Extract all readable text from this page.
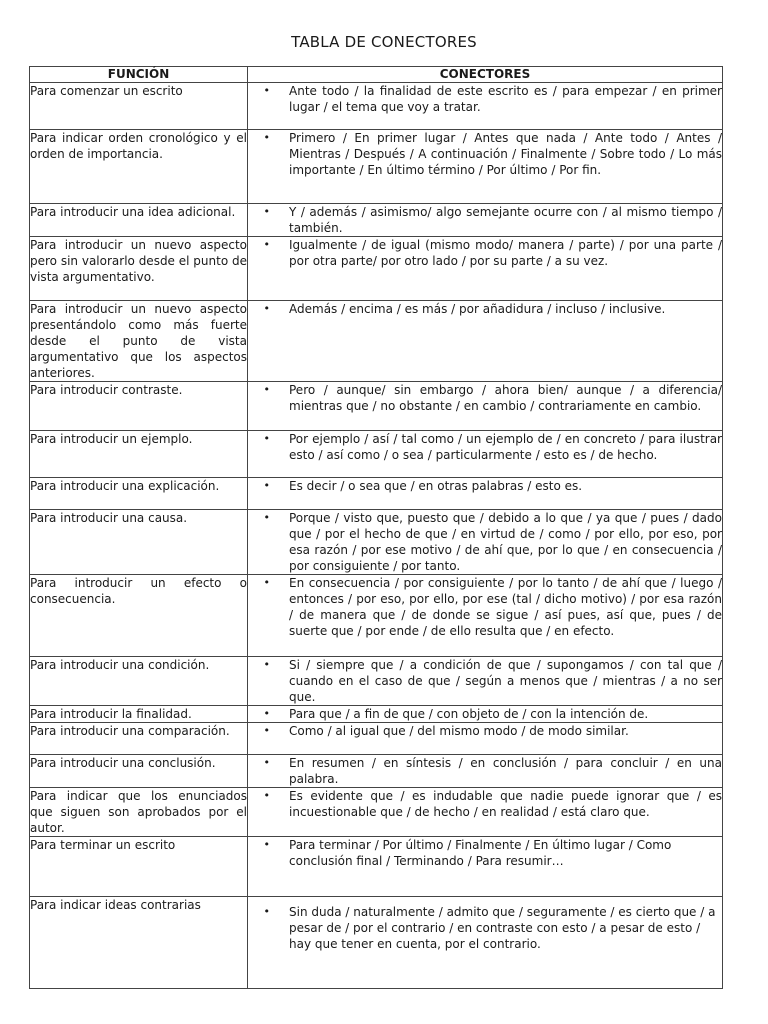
TABLA DE CONECTORES
FUNCIÓN	CONECTORES
Para comenzar un escrito	• Ante todo / la finalidad de este escrito es / para empezar / en primer lugar / el tema que voy a tratar.

Para indicar orden cronológico y el orden de importancia.	• Primero / En primer lugar / Antes que nada / Ante todo / Antes / Mientras / Después / A continuación / Finalmente / Sobre todo / Lo más importante / En último término / Por último / Por fin.

Para introducir una idea adicional.	• Y / además / asimismo/ algo semejante ocurre con / al mismo tiempo / también.

Para introducir un nuevo aspecto pero sin valorarlo desde el punto de vista argumentativo.	• Igualmente / de igual (mismo modo/ manera / parte) / por una parte / por otra parte/ por otro lado / por su parte / a su vez.

Para introducir un nuevo aspecto presentándolo como más fuerte desde el punto de vista argumentativo que los aspectos anteriores.	• Además / encima / es más / por añadidura / incluso / inclusive.

Para introducir contraste.	• Pero / aunque/ sin embargo / ahora bien/ aunque / a diferencia/ mientras que / no obstante / en cambio / contrariamente en cambio.

Para introducir un ejemplo.	• Por ejemplo / así / tal como / un ejemplo de / en concreto / para ilustrar esto / así como / o sea / particularmente / esto es / de hecho.

Para introducir una explicación.	• Es decir / o sea que / en otras palabras / esto es.

Para introducir una causa.	• Porque / visto que, puesto que / debido a lo que / ya que / pues / dado que / por el hecho de que / en virtud de / como / por ello, por eso, por esa razón / por ese motivo / de ahí que, por lo que / en consecuencia / por consiguiente / por tanto.

Para introducir un efecto o consecuencia.	• En consecuencia / por consiguiente / por lo tanto / de ahí que / luego / entonces / por eso, por ello, por ese (tal / dicho motivo) / por esa razón / de manera que / de donde se sigue / así pues, así que, pues / de suerte que / por ende / de ello resulta que / en efecto.

Para introducir una condición.	• Si / siempre que / a condición de que / supongamos / con tal que / cuando en el caso de que / según a menos que / mientras / a no ser que.

Para introducir la finalidad.	• Para que / a fin de que / con objeto de / con la intención de.

Para introducir una comparación.	• Como / al igual que / del mismo modo / de modo similar.

Para introducir una conclusión.	• En resumen / en síntesis / en conclusión / para concluir / en una palabra.

Para indicar que los enunciados que siguen son aprobados por el autor.	• Es evidente que / es indudable que nadie puede ignorar que / es incuestionable que / de hecho / en realidad / está claro que.

Para terminar un escrito	• Para terminar / Por último / Finalmente / En último lugar / Como conclusión final / Terminando / Para resumir…

Para indicar ideas contrarias	• Sin duda / naturalmente / admito que / seguramente / es cierto que / a pesar de / por el contrario / en contraste con esto / a pesar de esto / hay que tener en cuenta, por el contrario.
